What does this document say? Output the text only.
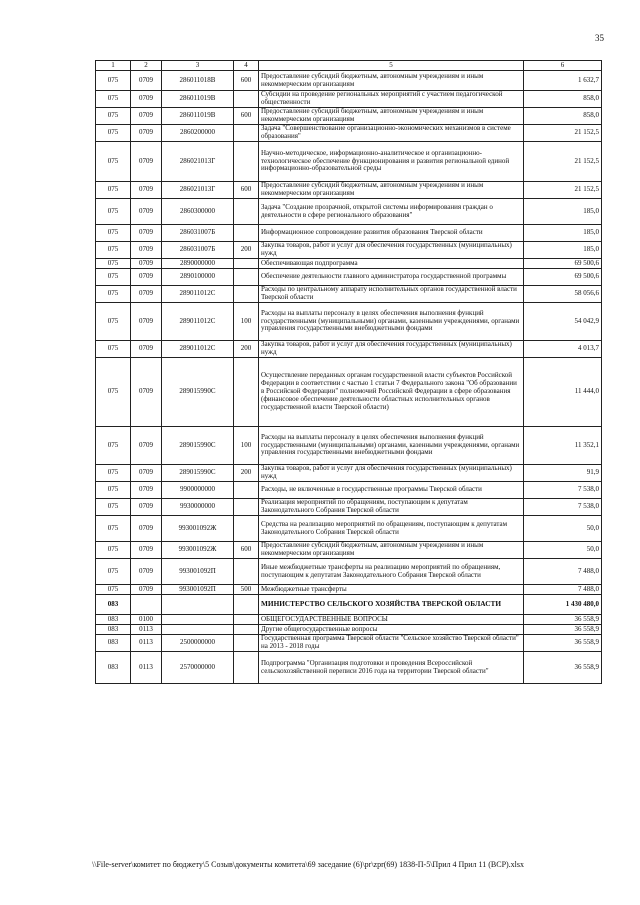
35
1	2	3	4	5	6
075	0709	286011018В	600	Предоставление субсидий бюджетным, автономным учреждениям и иным некоммерческим организациям	1 632,7
075	0709	286011019В		Субсидии на проведение региональных мероприятий с участием педагогической общественности	858,0
075	0709	286011019В	600	Предоставление субсидий бюджетным, автономным учреждениям и иным некоммерческим организациям	858,0
075	0709	2860200000		Задача "Совершенствование организационно-экономических механизмов в системе образования"	21 152,5
075	0709	286021013Г		Научно-методическое, информационно-аналитическое и организационно-технологическое обеспечение функционирования и развития региональной единой информационно-образовательной среды	21 152,5
075	0709	286021013Г	600	Предоставление субсидий бюджетным, автономным учреждениям и иным некоммерческим организациям	21 152,5
075	0709	2860300000		Задача "Создание прозрачной, открытой системы информирования граждан о деятельности в сфере регионального образования"	185,0
075	0709	286031007Б		Информационное сопровождение развития образования Тверской области	185,0
075	0709	286031007Б	200	Закупка товаров, работ и услуг для обеспечения государственных (муниципальных) нужд	185,0
075	0709	2890000000		Обеспечивающая подпрограмма	69 500,6
075	0709	2890100000		Обеспечение деятельности главного администратора государственной программы	69 500,6
075	0709	289011012С		Расходы по центральному аппарату исполнительных органов государственной власти Тверской области	58 056,6
075	0709	289011012С	100	Расходы на выплаты персоналу в целях обеспечения выполнения функций государственными (муниципальными) органами, казенными учреждениями, органами управления государственными внебюджетными фондами	54 042,9
075	0709	289011012С	200	Закупка товаров, работ и услуг для обеспечения государственных (муниципальных) нужд	4 013,7
075	0709	289015990С		Осуществление переданных органам государственной власти субъектов Российской Федерации в соответствии с частью 1 статьи 7 Федерального закона "Об образовании в Российской Федерации" полномочий Российской Федерации в сфере образования (финансовое обеспечение деятельности областных исполнительных органов государственной власти Тверской области)	11 444,0
075	0709	289015990С	100	Расходы на выплаты персоналу в целях обеспечения выполнения функций государственными (муниципальными) органами, казенными учреждениями, органами управления государственными внебюджетными фондами	11 352,1
075	0709	289015990С	200	Закупка товаров, работ и услуг для обеспечения государственных (муниципальных) нужд	91,9
075	0709	9900000000		Расходы, не включенные в государственные программы Тверской области	7 538,0
075	0709	9930000000		Реализация мероприятий по обращениям, поступающим к депутатам Законодательного Собрания Тверской области	7 538,0
075	0709	993001092Ж		Средства на реализацию мероприятий по обращениям, поступающим к депутатам Законодательного Собрания Тверской области	50,0
075	0709	993001092Ж	600	Предоставление субсидий бюджетным, автономным учреждениям и иным некоммерческим организациям	50,0
075	0709	993001092П		Иные межбюджетные трансферты на реализацию мероприятий по обращениям, поступающим к депутатам Законодательного Собрания Тверской области	7 488,0
075	0709	993001092П	500	Межбюджетные трансферты	7 488,0
083				МИНИСТЕРСТВО СЕЛЬСКОГО ХОЗЯЙСТВА ТВЕРСКОЙ ОБЛАСТИ	1 430 480,0
083	0100			ОБЩЕГОСУДАРСТВЕННЫЕ ВОПРОСЫ	36 558,9
083	0113			Другие общегосударственные вопросы	36 558,9
083	0113	2500000000		Государственная программа Тверской области "Сельское хозяйство Тверской области" на 2013 - 2018 годы	36 558,9
083	0113	2570000000		Подпрограмма "Организация подготовки и проведения Всероссийской сельскохозяйственной переписи 2016 года на территории Тверской области"	36 558,9
\\File-server\комитет по бюджету\5 Созыв\документы комитета\69 заседание (6)\pr\zpr(69) 1838-П-5\Прил 4 Прил 11 (ВСР).xlsx
